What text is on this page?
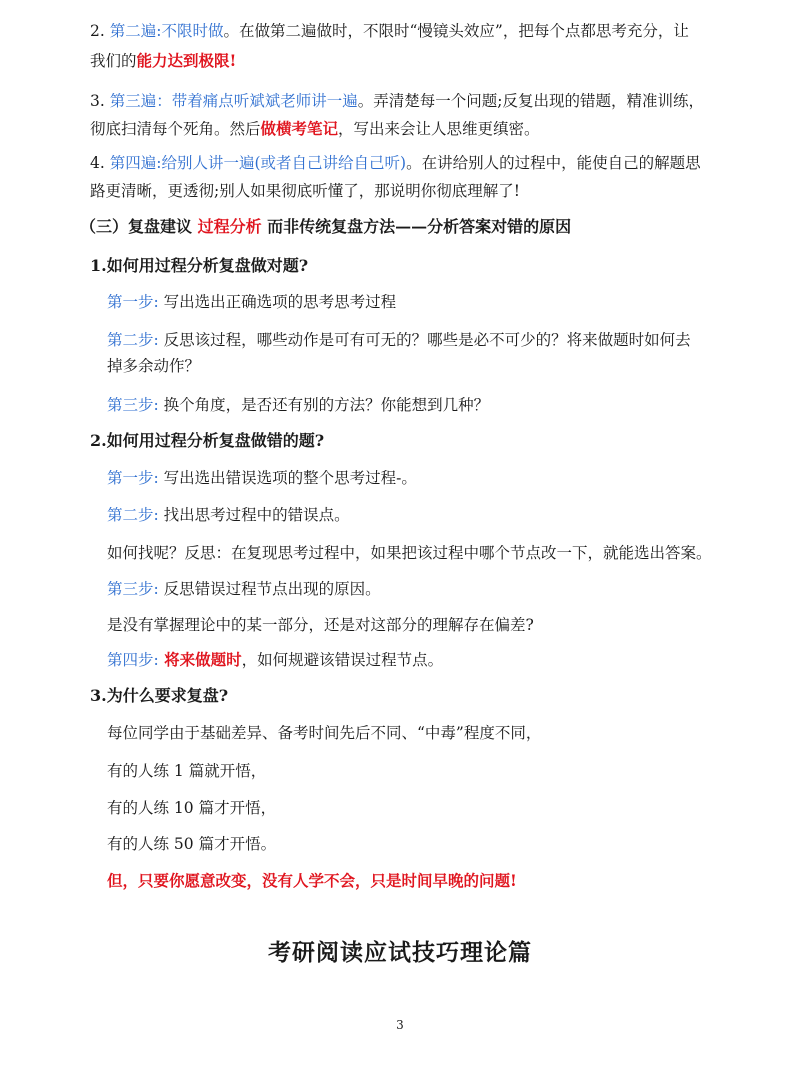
2. 第二遍:不限时做。在做第二遍做时，不限时“慢镜头效应”，把每个点都思考充分，让
我们的能力达到极限!
3. 第三遍：带着痛点听斌斌老师讲一遍。弄清楚每一个问题;反复出现的错题，精准训练，
彻底扫清每个死角。然后做横考笔记，写出来会让人思维更缜密。
4. 第四遍:给别人讲一遍(或者自己讲给自己听)。在讲给别人的过程中，能使自己的解题思
路更清晰，更透彻;别人如果彻底听懂了，那说明你彻底理解了!
（三）复盘建议 过程分析 而非传统复盘方法——分析答案对错的原因
1.如何用过程分析复盘做对题?
第一步: 写出选出正确选项的思考思考过程
第二步: 反思该过程，哪些动作是可有可无的？哪些是必不可少的？将来做题时如何去
掉多余动作？
第三步: 换个角度，是否还有别的方法？你能想到几种？
2.如何用过程分析复盘做错的题?
第一步: 写出选出错误选项的整个思考过程-。
第二步: 找出思考过程中的错误点。
如何找呢？反思：在复现思考过程中，如果把该过程中哪个节点改一下，就能选出答案。
第三步: 反思错误过程节点出现的原因。
是没有掌握理论中的某一部分，还是对这部分的理解存在偏差?
第四步: 将来做题时，如何规避该错误过程节点。
3.为什么要求复盘?
每位同学由于基础差异、备考时间先后不同、“中毒”程度不同，
有的人练 1 篇就开悟，
有的人练 10 篇才开悟，
有的人练 50 篇才开悟。
但，只要你愿意改变，没有人学不会，只是时间早晚的问题!
考研阅读应试技巧理论篇
3
